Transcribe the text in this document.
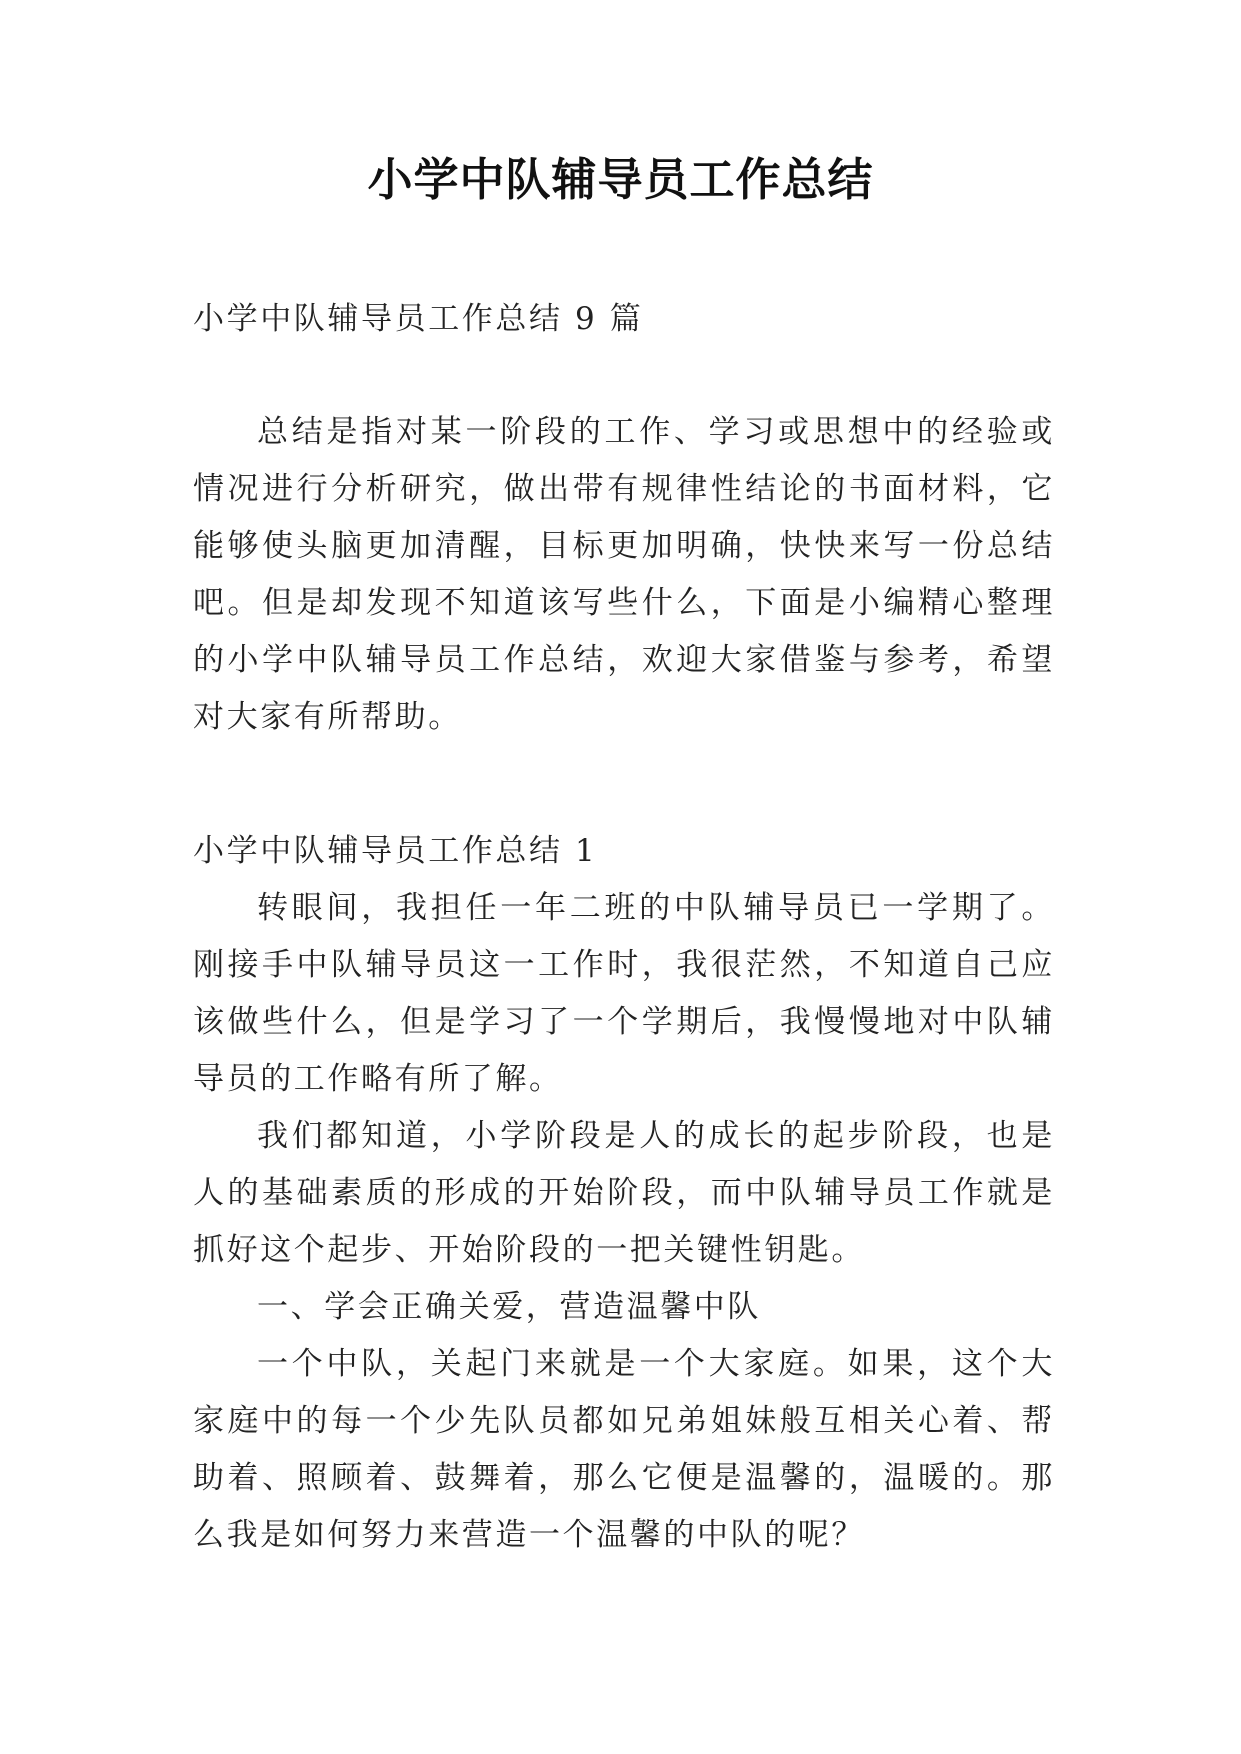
小学中队辅导员工作总结

小学中队辅导员工作总结 9 篇

总结是指对某一阶段的工作、学习或思想中的经验或情况进行分析研究，做出带有规律性结论的书面材料，它能够使头脑更加清醒，目标更加明确，快快来写一份总结吧。但是却发现不知道该写些什么，下面是小编精心整理的小学中队辅导员工作总结，欢迎大家借鉴与参考，希望对大家有所帮助。

小学中队辅导员工作总结 1

转眼间，我担任一年二班的中队辅导员已一学期了。刚接手中队辅导员这一工作时，我很茫然，不知道自己应该做些什么，但是学习了一个学期后，我慢慢地对中队辅导员的工作略有所了解。

我们都知道，小学阶段是人的成长的起步阶段，也是人的基础素质的形成的开始阶段，而中队辅导员工作就是抓好这个起步、开始阶段的一把关键性钥匙。

一、学会正确关爱，营造温馨中队

一个中队，关起门来就是一个大家庭。如果，这个大家庭中的每一个少先队员都如兄弟姐妹般互相关心着、帮助着、照顾着、鼓舞着，那么它便是温馨的，温暖的。那么我是如何努力来营造一个温馨的中队的呢？
